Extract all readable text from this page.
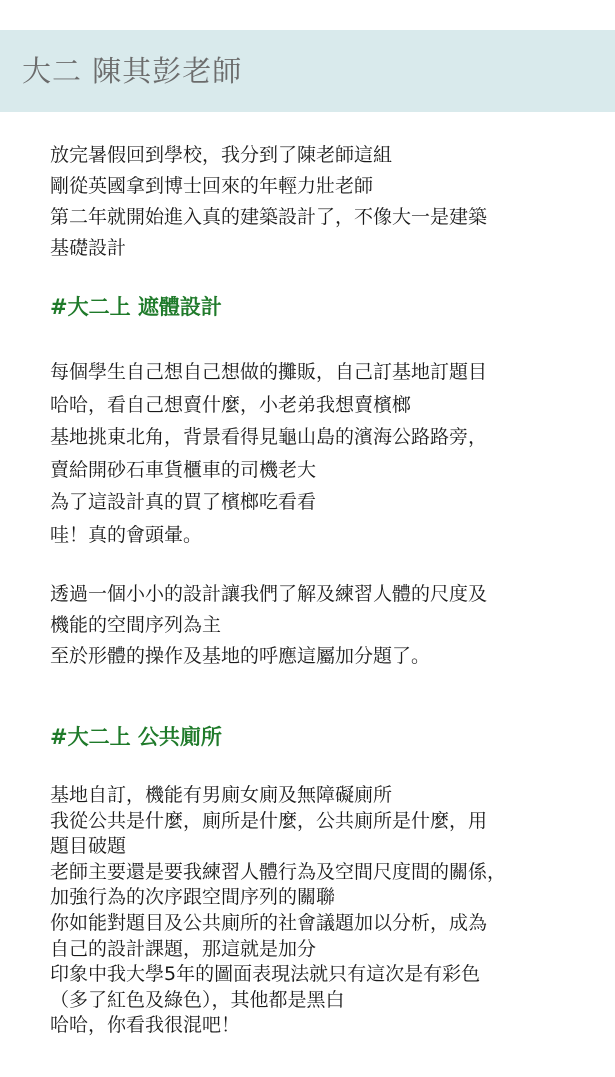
大二 陳其彭老師
放完暑假回到學校，我分到了陳老師這組
剛從英國拿到博士回來的年輕力壯老師
第二年就開始進入真的建築設計了，不像大一是建築
基礎設計
#大二上 遮體設計
每個學生自己想自己想做的攤販，自己訂基地訂題目
哈哈，看自己想賣什麼，小老弟我想賣檳榔
基地挑東北角，背景看得見龜山島的濱海公路路旁，
賣給開砂石車貨櫃車的司機老大
為了這設計真的買了檳榔吃看看
哇！真的會頭暈。
透過一個小小的設計讓我們了解及練習人體的尺度及
機能的空間序列為主
至於形體的操作及基地的呼應這屬加分題了。
#大二上 公共廁所
基地自訂，機能有男廁女廁及無障礙廁所
我從公共是什麼，廁所是什麼，公共廁所是什麼，用
題目破題
老師主要還是要我練習人體行為及空間尺度間的關係，
加強行為的次序跟空間序列的關聯
你如能對題目及公共廁所的社會議題加以分析，成為
自己的設計課題，那這就是加分
印象中我大學5年的圖面表現法就只有這次是有彩色
（多了紅色及綠色），其他都是黑白
哈哈，你看我很混吧！
